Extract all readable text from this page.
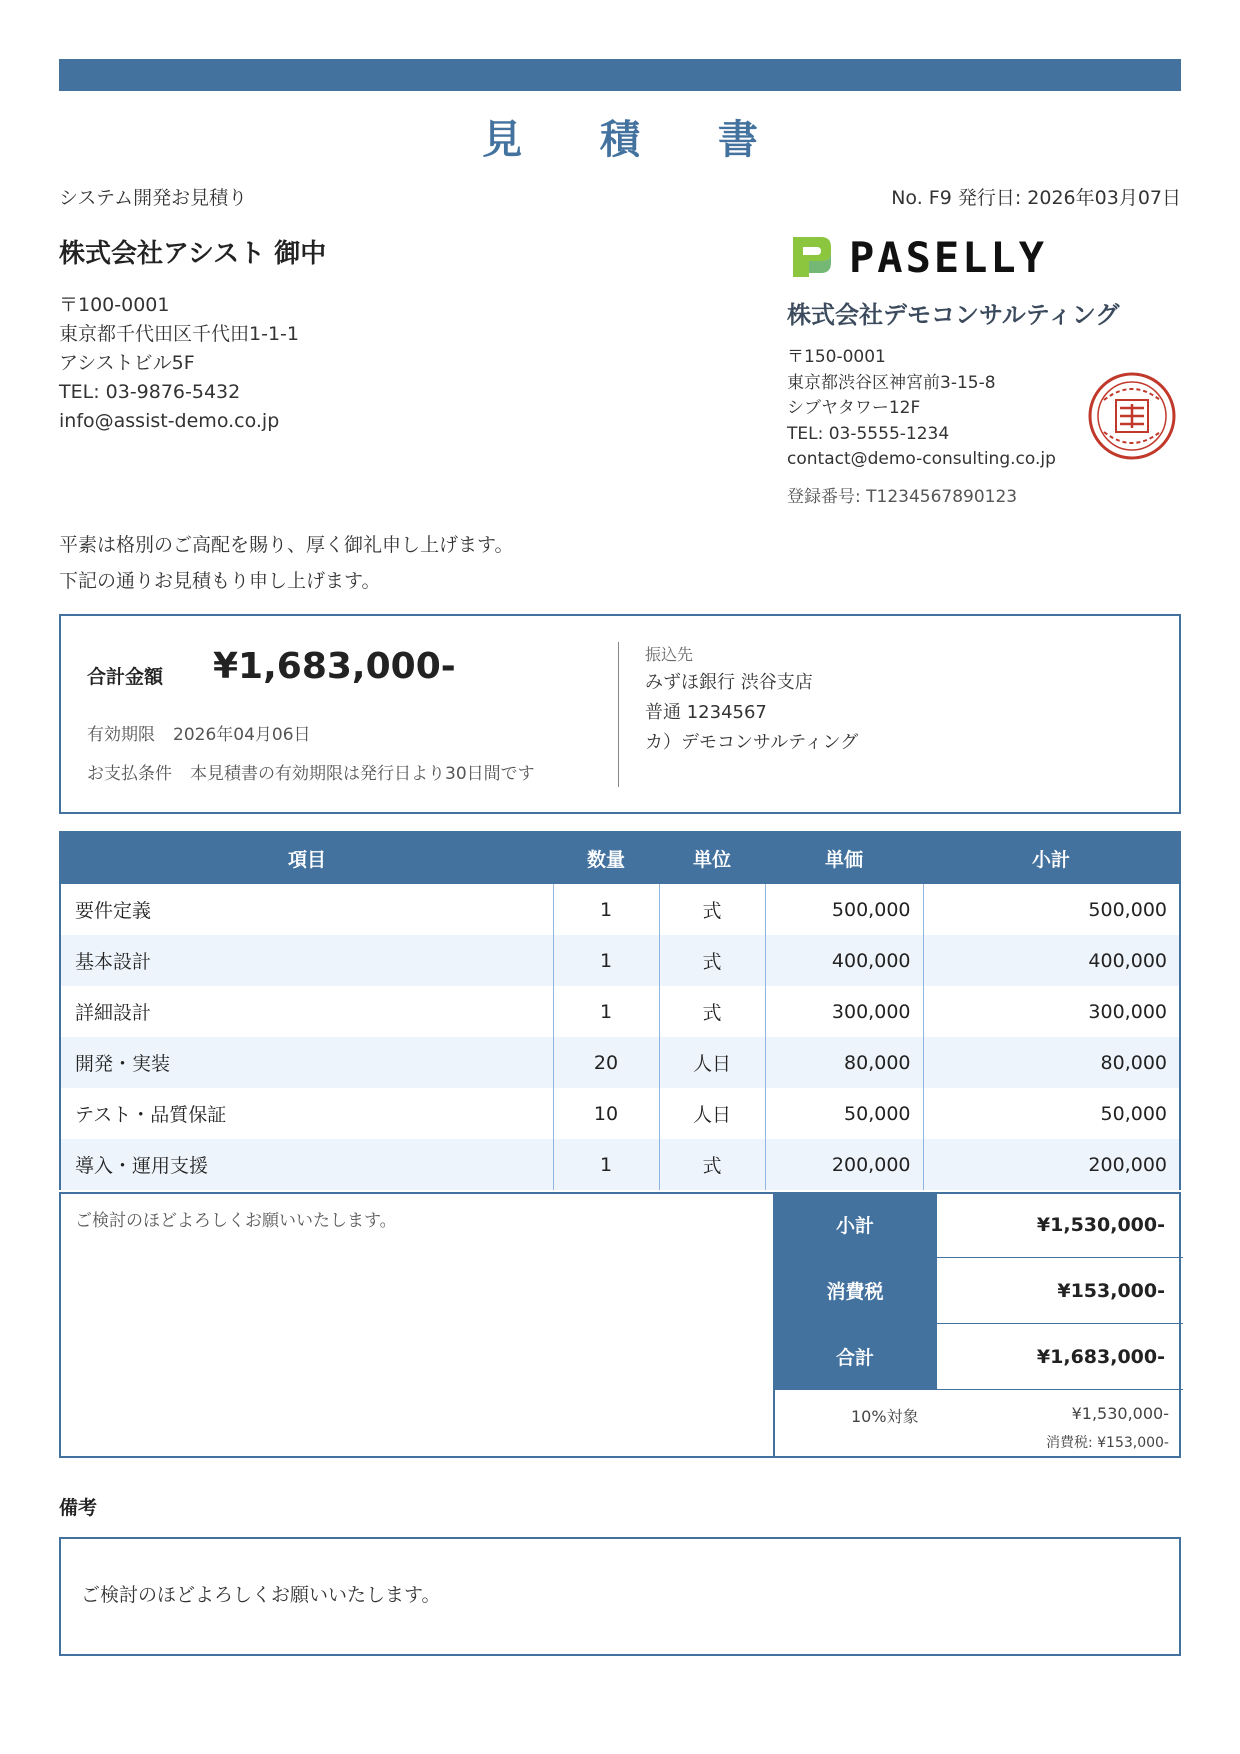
見 積 書
システム開発お見積り	No. F9 発行日: 2026年03月07日
株式会社アシスト 御中
〒100-0001
東京都千代田区千代田1-1-1
アシストビル5F
TEL: 03-9876-5432
info@assist-demo.co.jp
PASELLY
株式会社デモコンサルティング
〒150-0001
東京都渋谷区神宮前3-15-8
シブヤタワー12F
TEL: 03-5555-1234
contact@demo-consulting.co.jp
登録番号: T1234567890123
平素は格別のご高配を賜り、厚く御礼申し上げます。
下記の通りお見積もり申し上げます。
合計金額 ¥1,683,000-
有効期限 2026年04月06日
お支払条件 本見積書の有効期限は発行日より30日間です
振込先
みずほ銀行 渋谷支店
普通 1234567
カ）デモコンサルティング
項目	数量	単位	単価	小計
要件定義	1	式	500,000	500,000
基本設計	1	式	400,000	400,000
詳細設計	1	式	300,000	300,000
開発・実装	20	人日	80,000	80,000
テスト・品質保証	10	人日	50,000	50,000
導入・運用支援	1	式	200,000	200,000
ご検討のほどよろしくお願いいたします。	小計	¥1,530,000-
消費税	¥153,000-
合計	¥1,683,000-
10%対象	¥1,530,000-
消費税: ¥153,000-
備考
ご検討のほどよろしくお願いいたします。
